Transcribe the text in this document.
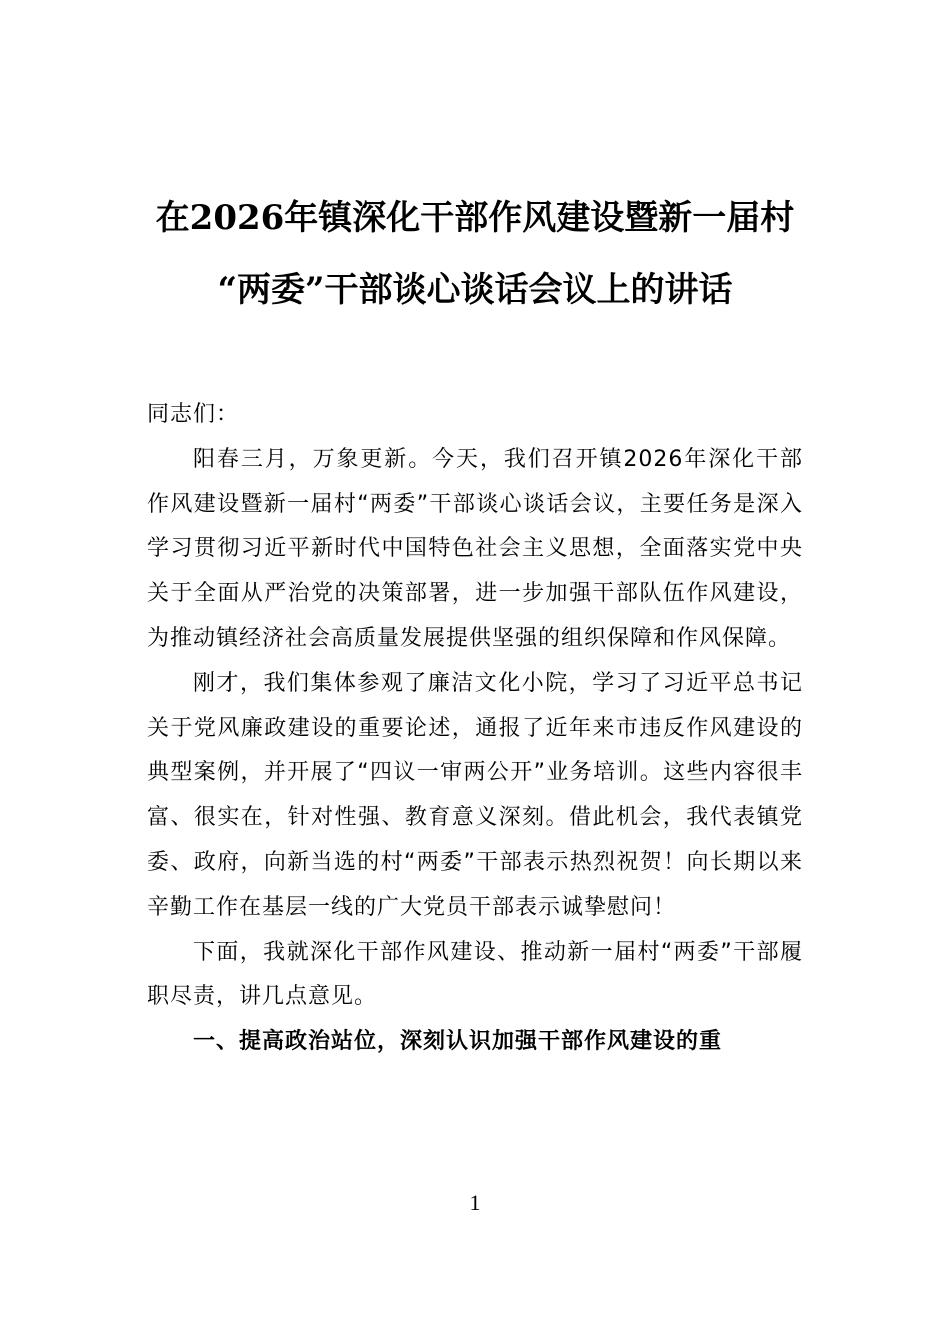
在2026年镇深化干部作风建设暨新一届村
“两委”干部谈心谈话会议上的讲话

同志们：

阳春三月，万象更新。今天，我们召开镇2026年深化干部作风建设暨新一届村“两委”干部谈心谈话会议，主要任务是深入学习贯彻习近平新时代中国特色社会主义思想，全面落实党中央关于全面从严治党的决策部署，进一步加强干部队伍作风建设，为推动镇经济社会高质量发展提供坚强的组织保障和作风保障。

刚才，我们集体参观了廉洁文化小院，学习了习近平总书记关于党风廉政建设的重要论述，通报了近年来市违反作风建设的典型案例，并开展了“四议一审两公开”业务培训。这些内容很丰富、很实在，针对性强、教育意义深刻。借此机会，我代表镇党委、政府，向新当选的村“两委”干部表示热烈祝贺！向长期以来辛勤工作在基层一线的广大党员干部表示诚挚慰问！

下面，我就深化干部作风建设、推动新一届村“两委”干部履职尽责，讲几点意见。

一、提高政治站位，深刻认识加强干部作风建设的重

1
